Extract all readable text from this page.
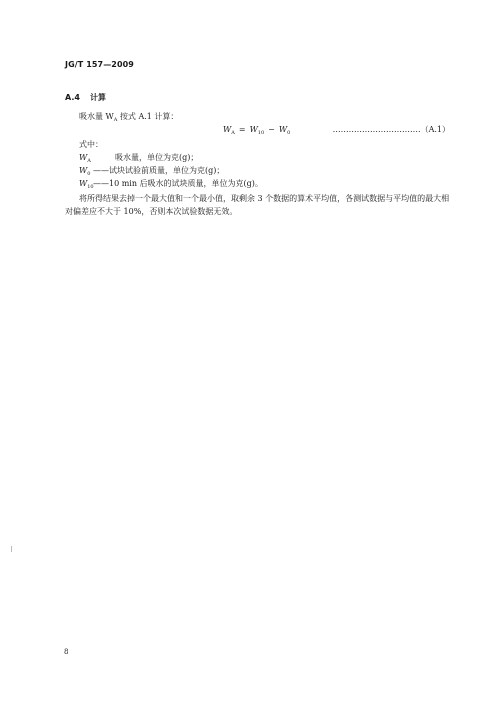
JG/T 157—2009
A.4 计算
吸水量 $W_A$ 按式 A.1 计算：
$W_A = W_{10} - W_0$	……………………………（A.1）
式中：
$W_A$	吸水量，单位为克(g)；
$W_0$ ——试块试验前质量，单位为克(g)；
$W_{10}——10$ min 后吸水的试块质量，单位为克(g)。
将所得结果去掉一个最大值和一个最小值，取剩余 3 个数据的算术平均值，各测试数据与平均值的最大相对偏差应不大于 10%，否则本次试验数据无效。
8
